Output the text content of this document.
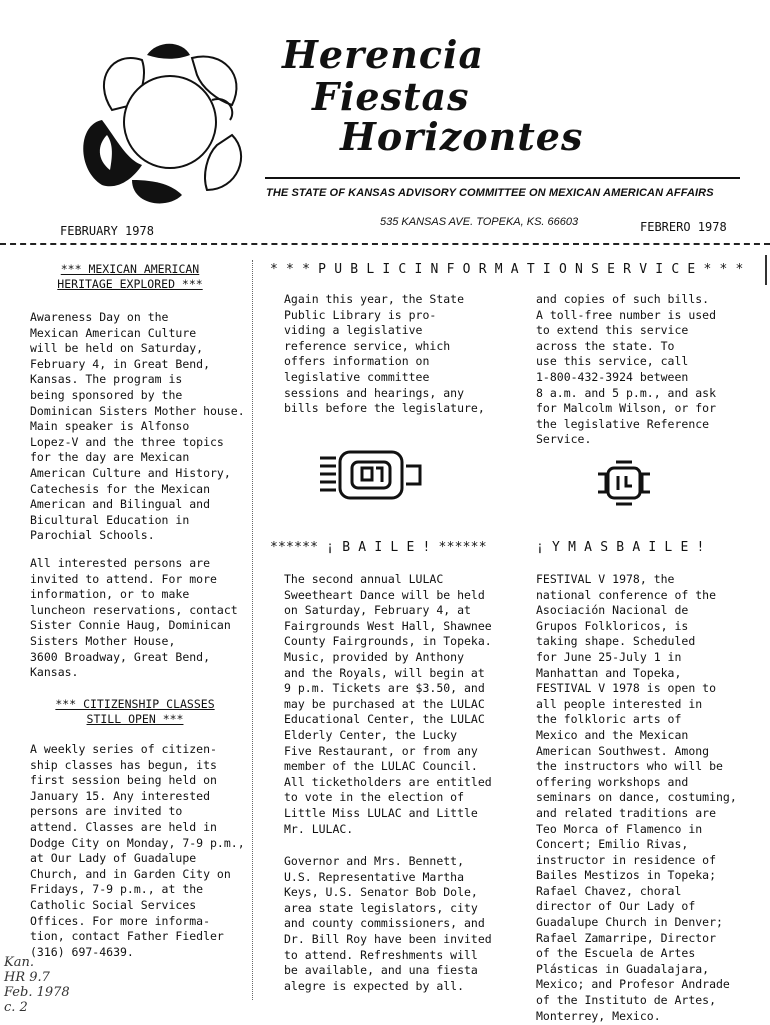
Herencia
Fiestas
Horizontes
THE STATE OF KANSAS ADVISORY COMMITTEE ON MEXICAN AMERICAN AFFAIRS
535 KANSAS AVE. TOPEKA, KS. 66603
FEBRUARY 1978	FEBRERO 1978
*** MEXICAN AMERICAN
HERITAGE EXPLORED ***
Awareness Day on the
Mexican American Culture
will be held on Saturday,
February 4, in Great Bend,
Kansas. The program is
being sponsored by the
Dominican Sisters Mother house.
Main speaker is Alfonso
Lopez-V and the three topics
for the day are Mexican
American Culture and History,
Catechesis for the Mexican
American and Bilingual and
Bicultural Education in
Parochial Schools.
All interested persons are
invited to attend. For more
information, or to make
luncheon reservations, contact
Sister Connie Haug, Dominican
Sisters Mother House,
3600 Broadway, Great Bend,
Kansas.
*** CITIZENSHIP CLASSES
STILL OPEN ***
A weekly series of citizen-
ship classes has begun, its
first session being held on
January 15. Any interested
persons are invited to
attend. Classes are held in
Dodge City on Monday, 7-9 p.m.,
at Our Lady of Guadalupe
Church, and in Garden City on
Fridays, 7-9 p.m., at the
Catholic Social Services
Offices. For more informa-
tion, contact Father Fiedler
(316) 697-4639.
Kan.
HR 9.7
Feb. 1978
c. 2
* * * P U B L I C I N F O R M A T I O N S E R V I C E * * *
Again this year, the State
Public Library is pro-
viding a legislative
reference service, which
offers information on
legislative committee
sessions and hearings, any
bills before the legislature,
and copies of such bills.
A toll-free number is used
to extend this service
across the state. To
use this service, call
1-800-432-3924 between
8 a.m. and 5 p.m., and ask
for Malcolm Wilson, or for
the legislative Reference
Service.
****** ¡ B A I L E ! ******
The second annual LULAC
Sweetheart Dance will be held
on Saturday, February 4, at
Fairgrounds West Hall, Shawnee
County Fairgrounds, in Topeka.
Music, provided by Anthony
and the Royals, will begin at
9 p.m. Tickets are $3.50, and
may be purchased at the LULAC
Educational Center, the LULAC
Elderly Center, the Lucky
Five Restaurant, or from any
member of the LULAC Council.
All ticketholders are entitled
to vote in the election of
Little Miss LULAC and Little
Mr. LULAC.
Governor and Mrs. Bennett,
U.S. Representative Martha
Keys, U.S. Senator Bob Dole,
area state legislators, city
and county commissioners, and
Dr. Bill Roy have been invited
to attend. Refreshments will
be available, and una fiesta
alegre is expected by all.
¡ Y M A S B A I L E !
FESTIVAL V 1978, the
national conference of the
Asociación Nacional de
Grupos Folkloricos, is
taking shape. Scheduled
for June 25-July 1 in
Manhattan and Topeka,
FESTIVAL V 1978 is open to
all people interested in
the folkloric arts of
Mexico and the Mexican
American Southwest. Among
the instructors who will be
offering workshops and
seminars on dance, costuming,
and related traditions are
Teo Morca of Flamenco in
Concert; Emilio Rivas,
instructor in residence of
Bailes Mestizos in Topeka;
Rafael Chavez, choral
director of Our Lady of
Guadalupe Church in Denver;
Rafael Zamarripe, Director
of the Escuela de Artes
Plásticas in Guadalajara,
Mexico; and Profesor Andrade
of the Instituto de Artes,
Monterrey, Mexico.
